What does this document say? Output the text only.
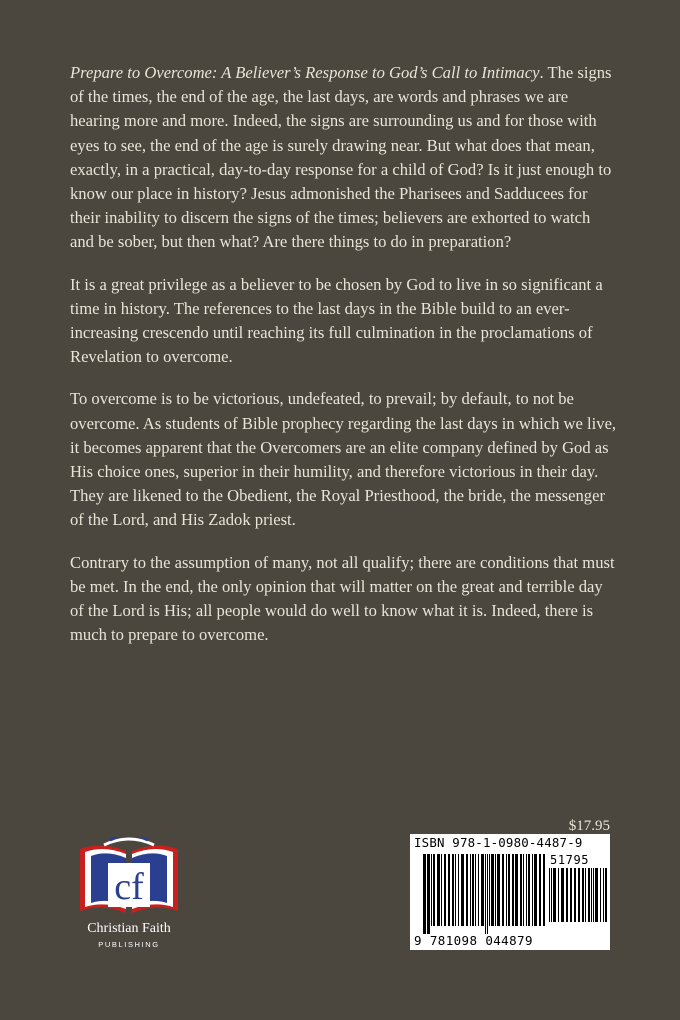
Prepare to Overcome: A Believer’s Response to God’s Call to Intimacy. The signs of the times, the end of the age, the last days, are words and phrases we are hearing more and more. Indeed, the signs are surrounding us and for those with eyes to see, the end of the age is surely drawing near. But what does that mean, exactly, in a practical, day-to-day response for a child of God? Is it just enough to know our place in history? Jesus admonished the Pharisees and Sadducees for their inability to discern the signs of the times; believers are exhorted to watch and be sober, but then what? Are there things to do in preparation?

It is a great privilege as a believer to be chosen by God to live in so significant a time in history. The references to the last days in the Bible build to an ever-increasing crescendo until reaching its full culmination in the proclamations of Revelation to overcome.

To overcome is to be victorious, undefeated, to prevail; by default, to not be overcome. As students of Bible prophecy regarding the last days in which we live, it becomes apparent that the Overcomers are an elite company defined by God as His choice ones, superior in their humility, and therefore victorious in their day. They are likened to the Obedient, the Royal Priesthood, the bride, the messenger of the Lord, and His Zadok priest.

Contrary to the assumption of many, not all qualify; there are conditions that must be met. In the end, the only opinion that will matter on the great and terrible day of the Lord is His; all people would do well to know what it is. Indeed, there is much to prepare to overcome.

cf
Christian Faith
PUBLISHING
$17.95
ISBN 978-1-0980-4487-9
51795
9 781098 044879
